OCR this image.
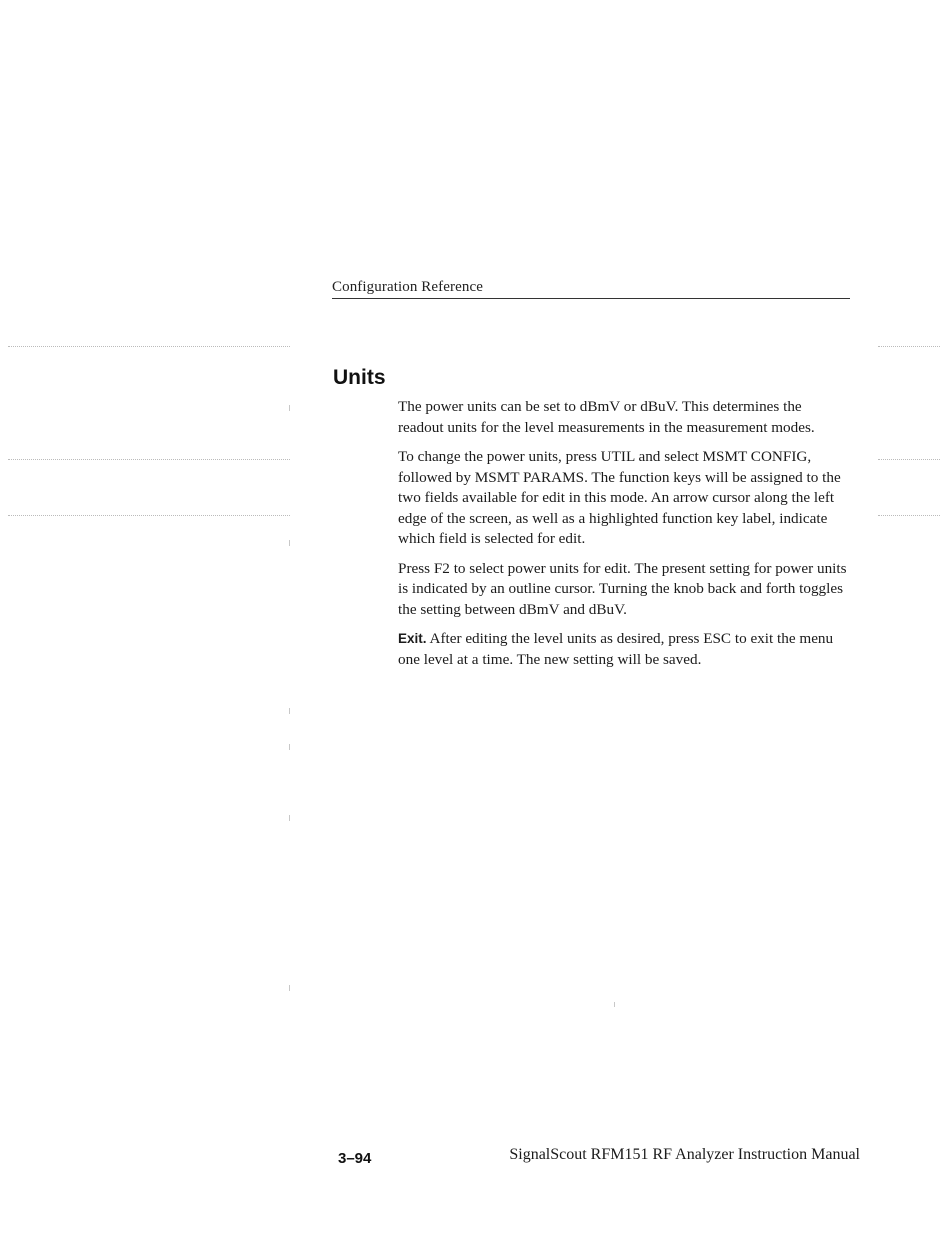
Configuration Reference
Units

The power units can be set to dBmV or dBuV. This determines the readout units for the level measurements in the measurement modes.

To change the power units, press UTIL and select MSMT CONFIG, followed by MSMT PARAMS. The function keys will be assigned to the two fields available for edit in this mode. An arrow cursor along the left edge of the screen, as well as a highlighted function key label, indicate which field is selected for edit.

Press F2 to select power units for edit. The present setting for power units is indicated by an outline cursor. Turning the knob back and forth toggles the setting between dBmV and dBuV.

Exit. After editing the level units as desired, press ESC to exit the menu one level at a time. The new setting will be saved.

3–94	SignalScout RFM151 RF Analyzer Instruction Manual
